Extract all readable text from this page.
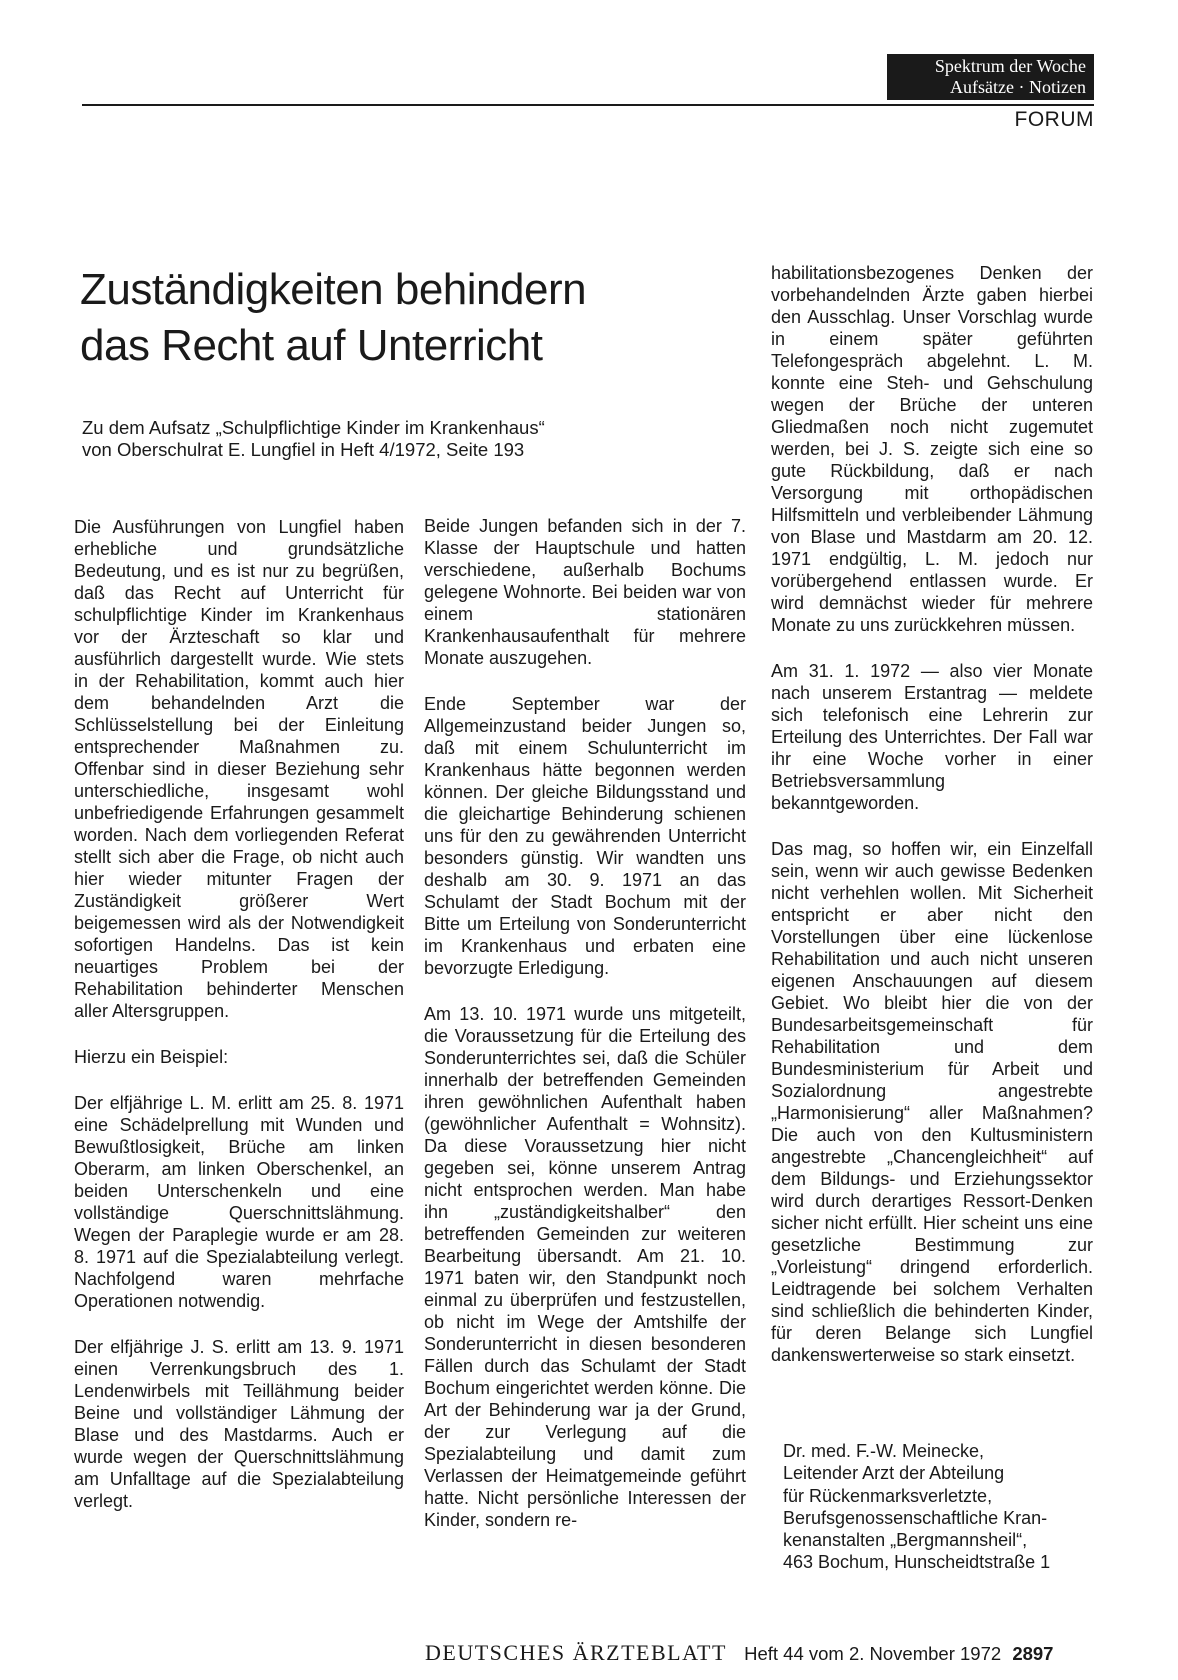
Spektrum der Woche
Aufsätze · Notizen
FORUM
Zuständigkeiten behindern
das Recht auf Unterricht
Zu dem Aufsatz „Schulpflichtige Kinder im Krankenhaus“
von Oberschulrat E. Lungfiel in Heft 4/1972, Seite 193

Die Ausführungen von Lungfiel haben erhebliche und grundsätzliche Bedeutung, und es ist nur zu begrüßen, daß das Recht auf Unterricht für schulpflichtige Kinder im Krankenhaus vor der Ärzteschaft so klar und ausführlich dargestellt wurde. Wie stets in der Rehabilitation, kommt auch hier dem behandelnden Arzt die Schlüsselstellung bei der Einleitung entsprechender Maßnahmen zu. Offenbar sind in dieser Beziehung sehr unterschiedliche, insgesamt wohl unbefriedigende Erfahrungen gesammelt worden. Nach dem vorliegenden Referat stellt sich aber die Frage, ob nicht auch hier wieder mitunter Fragen der Zuständigkeit größerer Wert beigemessen wird als der Notwendigkeit sofortigen Handelns. Das ist kein neuartiges Problem bei der Rehabilitation behinderter Menschen aller Altersgruppen.

Hierzu ein Beispiel:

Der elfjährige L. M. erlitt am 25. 8. 1971 eine Schädelprellung mit Wunden und Bewußtlosigkeit, Brüche am linken Oberarm, am linken Oberschenkel, an beiden Unterschenkeln und eine vollständige Querschnittslähmung. Wegen der Paraplegie wurde er am 28. 8. 1971 auf die Spezialabteilung verlegt. Nachfolgend waren mehrfache Operationen notwendig.

Der elfjährige J. S. erlitt am 13. 9. 1971 einen Verrenkungsbruch des 1. Lendenwirbels mit Teillähmung beider Beine und vollständiger Lähmung der Blase und des Mastdarms. Auch er wurde wegen der Querschnittslähmung am Unfalltage auf die Spezialabteilung verlegt.

Beide Jungen befanden sich in der 7. Klasse der Hauptschule und hatten verschiedene, außerhalb Bochums gelegene Wohnorte. Bei beiden war von einem stationären Krankenhausaufenthalt für mehrere Monate auszugehen.

Ende September war der Allgemeinzustand beider Jungen so, daß mit einem Schulunterricht im Krankenhaus hätte begonnen werden können. Der gleiche Bildungsstand und die gleichartige Behinderung schienen uns für den zu gewährenden Unterricht besonders günstig. Wir wandten uns deshalb am 30. 9. 1971 an das Schulamt der Stadt Bochum mit der Bitte um Erteilung von Sonderunterricht im Krankenhaus und erbaten eine bevorzugte Erledigung.

Am 13. 10. 1971 wurde uns mitgeteilt, die Voraussetzung für die Erteilung des Sonderunterrichtes sei, daß die Schüler innerhalb der betreffenden Gemeinden ihren gewöhnlichen Aufenthalt haben (gewöhnlicher Aufenthalt = Wohnsitz). Da diese Voraussetzung hier nicht gegeben sei, könne unserem Antrag nicht entsprochen werden. Man habe ihn „zuständigkeitshalber“ den betreffenden Gemeinden zur weiteren Bearbeitung übersandt. Am 21. 10. 1971 baten wir, den Standpunkt noch einmal zu überprüfen und festzustellen, ob nicht im Wege der Amtshilfe der Sonderunterricht in diesen besonderen Fällen durch das Schulamt der Stadt Bochum eingerichtet werden könne. Die Art der Behinderung war ja der Grund, der zur Verlegung auf die Spezialabteilung und damit zum Verlassen der Heimatgemeinde geführt hatte. Nicht persönliche Interessen der Kinder, sondern re-

habilitationsbezogenes Denken der vorbehandelnden Ärzte gaben hierbei den Ausschlag. Unser Vorschlag wurde in einem später geführten Telefongespräch abgelehnt. L. M. konnte eine Steh- und Gehschulung wegen der Brüche der unteren Gliedmaßen noch nicht zugemutet werden, bei J. S. zeigte sich eine so gute Rückbildung, daß er nach Versorgung mit orthopädischen Hilfsmitteln und verbleibender Lähmung von Blase und Mastdarm am 20. 12. 1971 endgültig, L. M. jedoch nur vorübergehend entlassen wurde. Er wird demnächst wieder für mehrere Monate zu uns zurückkehren müssen.

Am 31. 1. 1972 — also vier Monate nach unserem Erstantrag — meldete sich telefonisch eine Lehrerin zur Erteilung des Unterrichtes. Der Fall war ihr eine Woche vorher in einer Betriebsversammlung bekanntgeworden.

Das mag, so hoffen wir, ein Einzelfall sein, wenn wir auch gewisse Bedenken nicht verhehlen wollen. Mit Sicherheit entspricht er aber nicht den Vorstellungen über eine lückenlose Rehabilitation und auch nicht unseren eigenen Anschauungen auf diesem Gebiet. Wo bleibt hier die von der Bundesarbeitsgemeinschaft für Rehabilitation und dem Bundesministerium für Arbeit und Sozialordnung angestrebte „Harmonisierung“ aller Maßnahmen? Die auch von den Kultusministern angestrebte „Chancengleichheit“ auf dem Bildungs- und Erziehungssektor wird durch derartiges Ressort-Denken sicher nicht erfüllt. Hier scheint uns eine gesetzliche Bestimmung zur „Vorleistung“ dringend erforderlich. Leidtragende bei solchem Verhalten sind schließlich die behinderten Kinder, für deren Belange sich Lungfiel dankenswerterweise so stark einsetzt.

Dr. med. F.-W. Meinecke,
Leitender Arzt der Abteilung
für Rückenmarksverletzte,
Berufsgenossenschaftliche Kran-
kenanstalten „Bergmannsheil“,
463 Bochum, Hunscheidtstraße 1
DEUTSCHES ÄRZTEBLATT Heft 44 vom 2. November 1972 2897
